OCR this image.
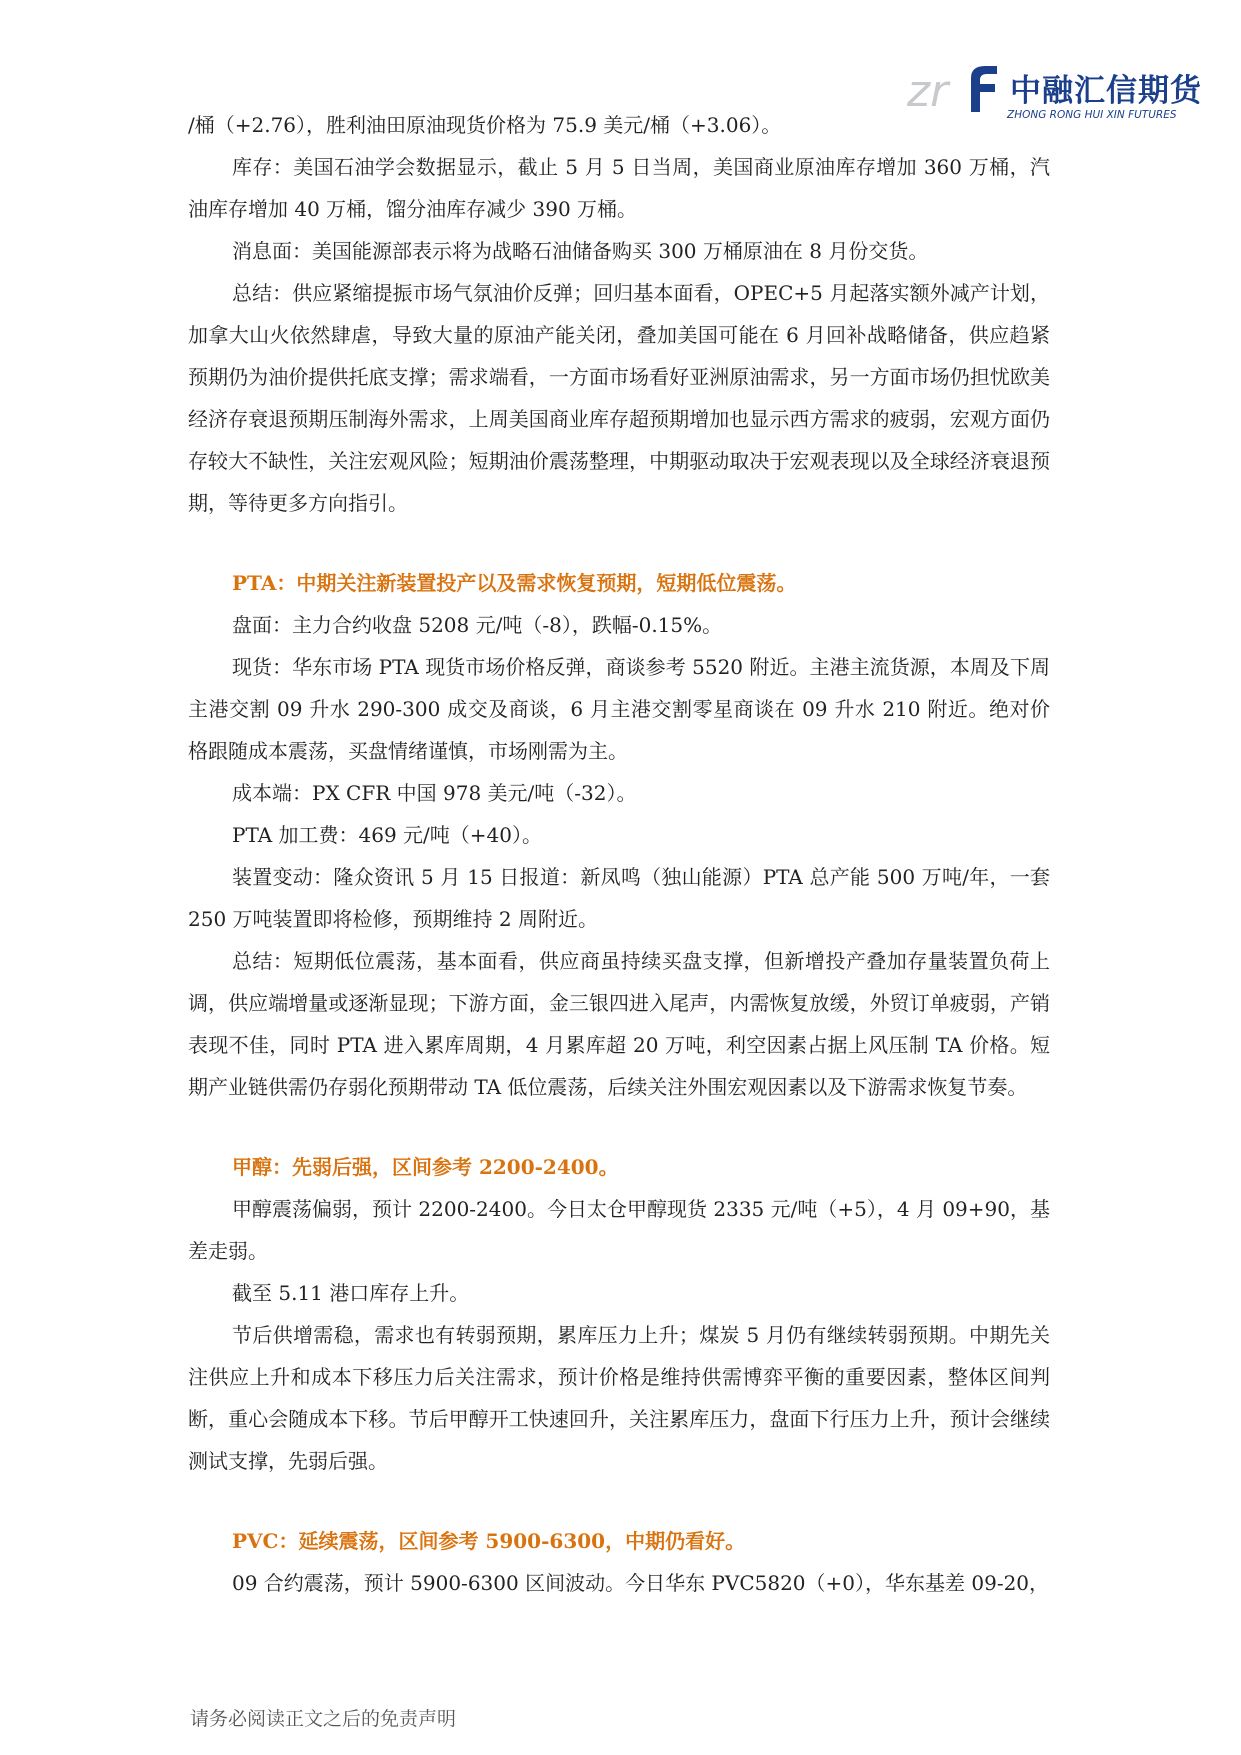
zr 中融汇信期货
ZHONG RONG HUI XIN FUTURES

/桶（+2.76），胜利油田原油现货价格为 75.9 美元/桶（+3.06）。

库存：美国石油学会数据显示，截止 5 月 5 日当周，美国商业原油库存增加 360 万桶，汽油库存增加 40 万桶，馏分油库存减少 390 万桶。

消息面：美国能源部表示将为战略石油储备购买 300 万桶原油在 8 月份交货。

总结：供应紧缩提振市场气氛油价反弹；回归基本面看，OPEC+5 月起落实额外减产计划，加拿大山火依然肆虐，导致大量的原油产能关闭，叠加美国可能在 6 月回补战略储备，供应趋紧预期仍为油价提供托底支撑；需求端看，一方面市场看好亚洲原油需求，另一方面市场仍担忧欧美经济存衰退预期压制海外需求，上周美国商业库存超预期增加也显示西方需求的疲弱，宏观方面仍存较大不缺性，关注宏观风险；短期油价震荡整理，中期驱动取决于宏观表现以及全球经济衰退预期，等待更多方向指引。

PTA：中期关注新装置投产以及需求恢复预期，短期低位震荡。

盘面：主力合约收盘 5208 元/吨（-8），跌幅-0.15%。

现货：华东市场 PTA 现货市场价格反弹，商谈参考 5520 附近。主港主流货源，本周及下周主港交割 09 升水 290-300 成交及商谈，6 月主港交割零星商谈在 09 升水 210 附近。绝对价格跟随成本震荡，买盘情绪谨慎，市场刚需为主。

成本端：PX CFR 中国 978 美元/吨（-32）。

PTA 加工费：469 元/吨（+40）。

装置变动：隆众资讯 5 月 15 日报道：新凤鸣（独山能源）PTA 总产能 500 万吨/年，一套 250 万吨装置即将检修，预期维持 2 周附近。

总结：短期低位震荡，基本面看，供应商虽持续买盘支撑，但新增投产叠加存量装置负荷上调，供应端增量或逐渐显现；下游方面，金三银四进入尾声，内需恢复放缓，外贸订单疲弱，产销表现不佳，同时 PTA 进入累库周期，4 月累库超 20 万吨，利空因素占据上风压制 TA 价格。短期产业链供需仍存弱化预期带动 TA 低位震荡，后续关注外围宏观因素以及下游需求恢复节奏。

甲醇：先弱后强，区间参考 2200-2400。

甲醇震荡偏弱，预计 2200-2400。今日太仓甲醇现货 2335 元/吨（+5），4 月 09+90，基差走弱。

截至 5.11 港口库存上升。

节后供增需稳，需求也有转弱预期，累库压力上升；煤炭 5 月仍有继续转弱预期。中期先关注供应上升和成本下移压力后关注需求，预计价格是维持供需博弈平衡的重要因素，整体区间判断，重心会随成本下移。节后甲醇开工快速回升，关注累库压力，盘面下行压力上升，预计会继续测试支撑，先弱后强。

PVC：延续震荡，区间参考 5900-6300，中期仍看好。

09 合约震荡，预计 5900-6300 区间波动。今日华东 PVC5820（+0），华东基差 09-20，

请务必阅读正文之后的免责声明
